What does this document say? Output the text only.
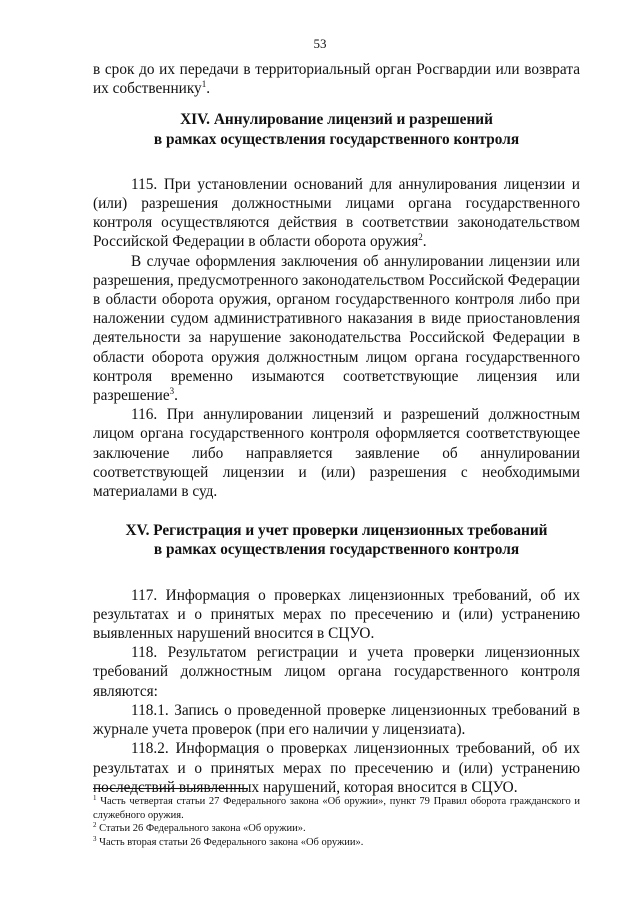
53

в срок до их передачи в территориальный орган Росгвардии или возврата их собственнику$^1$.

XIV. Аннулирование лицензий и разрешений
в рамках осуществления государственного контроля

115. При установлении оснований для аннулирования лицензии и (или) разрешения должностными лицами органа государственного контроля осуществляются действия в соответствии законодательством Российской Федерации в области оборота оружия$^2$.

В случае оформления заключения об аннулировании лицензии или разрешения, предусмотренного законодательством Российской Федерации в области оборота оружия, органом государственного контроля либо при наложении судом административного наказания в виде приостановления деятельности за нарушение законодательства Российской Федерации в области оборота оружия должностным лицом органа государственного контроля временно изымаются соответствующие лицензия или разрешение$^3$.

116. При аннулировании лицензий и разрешений должностным лицом органа государственного контроля оформляется соответствующее заключение либо направляется заявление об аннулировании соответствующей лицензии и (или) разрешения с необходимыми материалами в суд.

XV. Регистрация и учет проверки лицензионных требований
в рамках осуществления государственного контроля

117. Информация о проверках лицензионных требований, об их результатах и о принятых мерах по пресечению и (или) устранению выявленных нарушений вносится в СЦУО.

118. Результатом регистрации и учета проверки лицензионных требований должностным лицом органа государственного контроля являются:

118.1. Запись о проведенной проверке лицензионных требований в журнале учета проверок (при его наличии у лицензиата).

118.2. Информация о проверках лицензионных требований, об их результатах и о принятых мерах по пресечению и (или) устранению последствий выявленных нарушений, которая вносится в СЦУО.

$^1$ Часть четвертая статьи 27 Федерального закона «Об оружии», пункт 79 Правил оборота гражданского и служебного оружия.
$^2$ Статьи 26 Федерального закона «Об оружии».
$^3$ Часть вторая статьи 26 Федерального закона «Об оружии».
